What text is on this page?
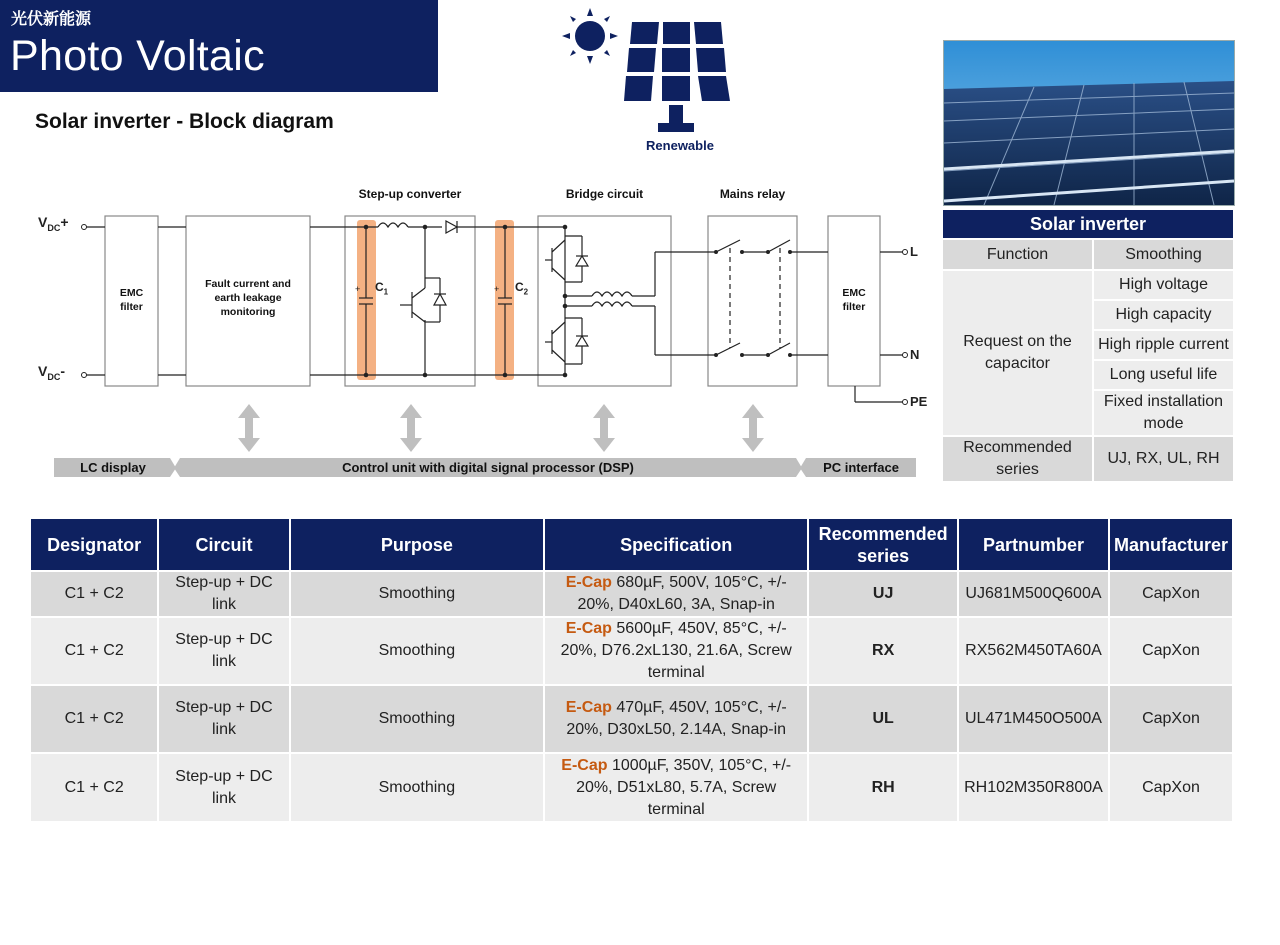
光伏新能源
Photo Voltaic
Solar inverter - Block diagram
Renewable
Solar inverter	
Function	Smoothing
Request on the capacitor	High voltage
	High capacity
	High ripple current
	Long useful life
	Fixed installation mode
Recommended series	UJ, RX, UL, RH
$V_{DC}+$
$V_{DC}-$
EMC
filter
Fault current and
earth leakage
monitoring
EMC
filter
Step-up converter	Bridge circuit	Mains relay
$C_1$	$C_2$
+	+
L
N
PE
LC display	Control unit with digital signal processor (DSP)	PC interface
Designator	Circuit	Purpose	Specification	Recommended series	Partnumber	Manufacturer
C1 + C2	Step-up + DC link	Smoothing	E-Cap 680µF, 500V, 105°C, +/- 20%, D40xL60, 3A, Snap-in	UJ	UJ681M500Q600A	CapXon
C1 + C2	Step-up + DC link	Smoothing	E-Cap 5600µF, 450V, 85°C, +/- 20%, D76.2xL130, 21.6A, Screw terminal	RX	RX562M450TA60A	CapXon
C1 + C2	Step-up + DC link	Smoothing	E-Cap 470µF, 450V, 105°C, +/- 20%, D30xL50, 2.14A, Snap-in	UL	UL471M450O500A	CapXon
C1 + C2	Step-up + DC link	Smoothing	E-Cap 1000µF, 350V, 105°C, +/- 20%, D51xL80, 5.7A, Screw terminal	RH	RH102M350R800A	CapXon
